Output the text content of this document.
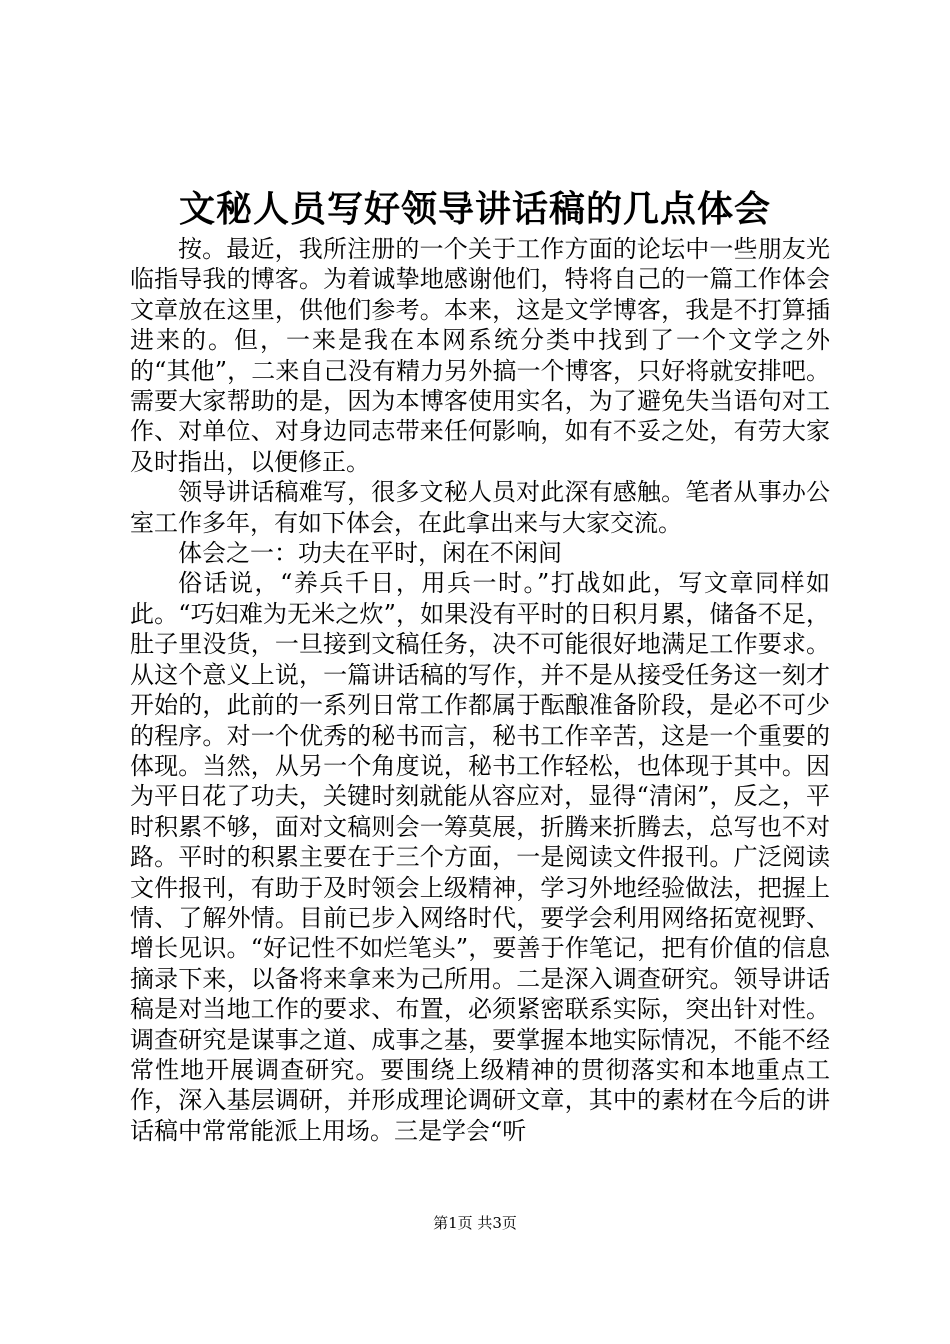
文秘人员写好领导讲话稿的几点体会

按。最近，我所注册的一个关于工作方面的论坛中一些朋友光临指导我的博客。为着诚挚地感谢他们，特将自己的一篇工作体会文章放在这里，供他们参考。本来，这是文学博客，我是不打算插进来的。但，一来是我在本网系统分类中找到了一个文学之外的“其他”，二来自己没有精力另外搞一个博客，只好将就安排吧。需要大家帮助的是，因为本博客使用实名，为了避免失当语句对工作、对单位、对身边同志带来任何影响，如有不妥之处，有劳大家及时指出，以便修正。

领导讲话稿难写，很多文秘人员对此深有感触。笔者从事办公室工作多年，有如下体会，在此拿出来与大家交流。

体会之一：功夫在平时，闲在不闲间

俗话说，“养兵千日，用兵一时。”打战如此，写文章同样如此。“巧妇难为无米之炊”，如果没有平时的日积月累，储备不足，肚子里没货，一旦接到文稿任务，决不可能很好地满足工作要求。从这个意义上说，一篇讲话稿的写作，并不是从接受任务这一刻才开始的，此前的一系列日常工作都属于酝酿准备阶段，是必不可少的程序。对一个优秀的秘书而言，秘书工作辛苦，这是一个重要的体现。当然，从另一个角度说，秘书工作轻松，也体现于其中。因为平日花了功夫，关键时刻就能从容应对，显得“清闲”，反之，平时积累不够，面对文稿则会一筹莫展，折腾来折腾去，总写也不对路。平时的积累主要在于三个方面，一是阅读文件报刊。广泛阅读文件报刊，有助于及时领会上级精神，学习外地经验做法，把握上情、了解外情。目前已步入网络时代，要学会利用网络拓宽视野、增长见识。“好记性不如烂笔头”，要善于作笔记，把有价值的信息摘录下来，以备将来拿来为己所用。二是深入调查研究。领导讲话稿是对当地工作的要求、布置，必须紧密联系实际，突出针对性。调查研究是谋事之道、成事之基，要掌握本地实际情况，不能不经常性地开展调查研究。要围绕上级精神的贯彻落实和本地重点工作，深入基层调研，并形成理论调研文章，其中的素材在今后的讲话稿中常常能派上用场。三是学会“听

第1页 共3页
